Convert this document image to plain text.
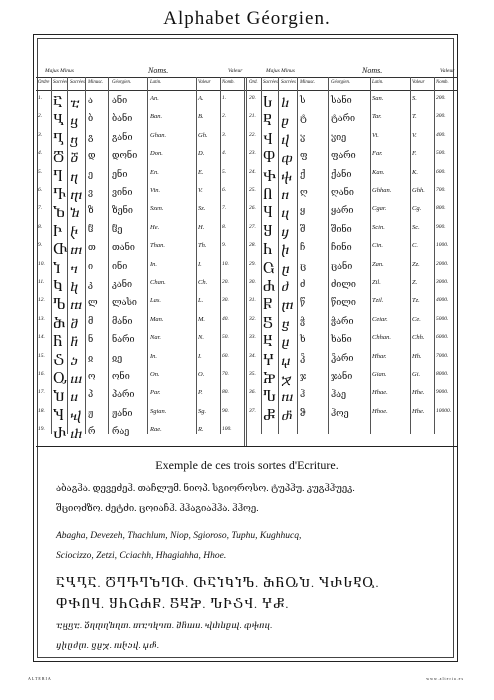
Alphabet Géorgien.
Majus Minus	Noms.	Valeur	Majus Minus	Noms.	Valeur
Ordre Sacrées Sacrées Minusc. Géorgien.	Latin.	Valeur Nomb.	Ord. Sacrées Sacrées Minusc.	Géorgien.	Latin.	Valeur Nomb.
1. Ⴀ ⴀ ა ანი	An.	A.	1.
2. Ⴁ ⴁ ბ ბანი	Ban.	B.	2.
3. Ⴂ ⴂ გ განი	Ghan.	Gh.	3.
4. Ⴃ ⴃ დ დონი Don.	D.	4.
5. Ⴄ ⴄ ე ენი	En.	E.	5.
6. Ⴅ ⴅ ვ ვინი	Vin.	V.	6.
7. Ⴆ ⴆ ზ ზენი	Szen.	Sz.	7.
8. Ⴡ ⴡ ჱ ჱე	He.	H.	8.
9. Ⴇ ⴇ თ თანი Than.	Th.	9.
10. Ⴈ ⴈ ი ინი	In.	I.	10.
11. Ⴉ ⴉ კ კანი	Chan.	Ch.	20.
12. Ⴊ ⴊ ლ ლასი Las.	L.	30.
13. Ⴋ ⴋ მ მანი	Man.	M.	40.
14. Ⴌ ⴌ ნ ნარი Nar.	N.	50.
15. Ⴢ ⴢ ჲ ჲე	In.	I.	60.
16. Ⴍ ⴍ ო ონი	On.	O.	70.
17. Ⴎ ⴎ პ პარი Par.	P.	80.
18. Ⴏ ⴏ ჟ ჟანი	Sgian.	Sg.	90.
19. Ⴐ ⴐ რ რაე	Rae.	R.	100.
20. Ⴑ ⴑ ს	სანი	San.	S.	200.
21. Ⴒ ⴒ ტ	ტარი	Tar.	T.	300.
22. Ⴣ ⴣ ჳ	ჳიე	Vi.	V.	400.
23. Ⴔ ⴔ ფ	ფარი	Far.	F.	500.
24. Ⴕ ⴕ ქ	ქანი	Kan.	K.	600.
25. Ⴖ ⴖ ღ	ღანი	Ghhan.	Ghh. 700.
26. Ⴗ ⴗ ყ	ყარი	Cgar.	Cg.	800.
27. Ⴘ ⴘ შ	შინი	Scin.	Sc.	900.
28. Ⴙ ⴙ ჩ	ჩინი	Cin.	C.	1000.
29. Ⴚ ⴚ ც	ცანი	Zan.	Zz.	2000.
30. Ⴛ ⴛ ძ	ძილი Zil.	Z.	3000.
31. Ⴜ ⴜ წ	წილი Tzil.	Tz.	4000.
32. Ⴝ ⴝ ჭ	ჭარი	Ceiar.	Ce.	5000.
33. Ⴞ ⴞ ხ	ხანი	Chhan.	Chh. 6000.
34. Ⴤ ⴤ ჴ	ჴარი	Hhar.	Hh.	7000.
35. Ⴟ ⴟ ჯ	ჯანი	Gian.	Gi.	8000.
36. Ⴠ ⴠ ჰ	ჰაე	Hhae.	Hhe. 9000.
37. Ⴥ ⴥ ჵ	ჰოე	Hhoe.	Hhe. 10000.
Exemple de ces trois sortes d'Ecriture.
აბაგჰა. დევეძეჰ. თაჩლუმ. ნიოპ. სგიოროსო. ტუპჰუ. კუგჰჰუეკ.
შციოძზო. ძეტძი. ცოიაჩჰ. ჰჰაგიაჰჰა. ჰჰოე.
Abagha, Devezeh, Thachlum, Niop, Sgioroso, Tuphu, Kughhucq,
Sciocizzo, Zetzi, Cciachh, Hhagiahha, Hhoe.
ႠႡႢႠ. ႣႤႥႤႦႤႧ. ႧႠႨႩႨႪ. ႫႬႭႮ. ႯႰႱႲႳ.
ႴႵႶႷ. ႸႹႺႻႼ. ႽႾႿ. ჀჁჂჃ. ჄჅ.
ⴀⴁⴂⴀ. ⴃⴄⴅⴄⴆⴄⴇ. ⴇⴀⴈⴉⴈⴊ. ⴋⴌⴍⴎ. ⴏⴐⴑⴒⴓ. ⴔⴕⴖⴗ.
ⴘⴙⴚⴛⴜ. ⴝⴞⴟ. ⴠⴡⴢⴣ. ⴤⴥ.
ALTERIA	www.alteria.es
